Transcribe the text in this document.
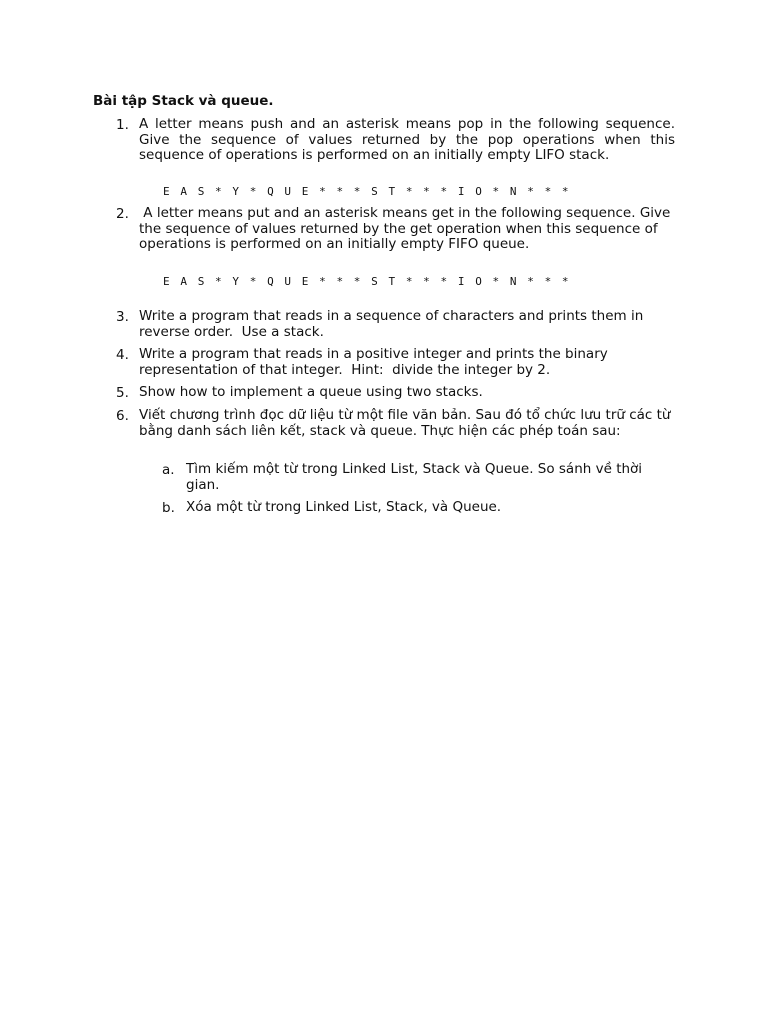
Bài tập Stack và queue.
1. A letter means push and an asterisk means pop in the following sequence. Give the sequence of values returned by the pop operations when this sequence of operations is performed on an initially empty LIFO stack.
E A S * Y * Q U E * * * S T * * * I O * N * * *
2. A letter means put and an asterisk means get in the following sequence. Give the sequence of values returned by the get operation when this sequence of operations is performed on an initially empty FIFO queue.
E A S * Y * Q U E * * * S T * * * I O * N * * *
3. Write a program that reads in a sequence of characters and prints them in reverse order.  Use a stack.
4. Write a program that reads in a positive integer and prints the binary representation of that integer.  Hint:  divide the integer by 2.
5. Show how to implement a queue using two stacks.
6. Viết chương trình đọc dữ liệu từ một file văn bản. Sau đó tổ chức lưu trữ các từ bằng danh sách liên kết, stack và queue. Thực hiện các phép toán sau:
a. Tìm kiếm một từ trong Linked List, Stack và Queue. So sánh về thời gian.
b. Xóa một từ trong Linked List, Stack, và Queue.
